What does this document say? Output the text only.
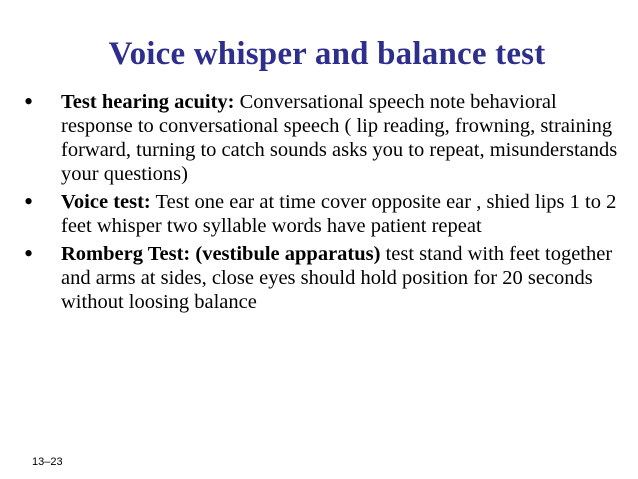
Voice whisper and balance test
• Test hearing acuity: Conversational speech note behavioral response to conversational speech ( lip reading, frowning, straining forward, turning to catch sounds asks you to repeat, misunderstands your questions)
• Voice test: Test one ear at time cover opposite ear , shied lips 1 to 2 feet whisper two syllable words have patient repeat
• Romberg Test: (vestibule apparatus) test stand with feet together and arms at sides, close eyes should hold position for 20 seconds without loosing balance
13–23
